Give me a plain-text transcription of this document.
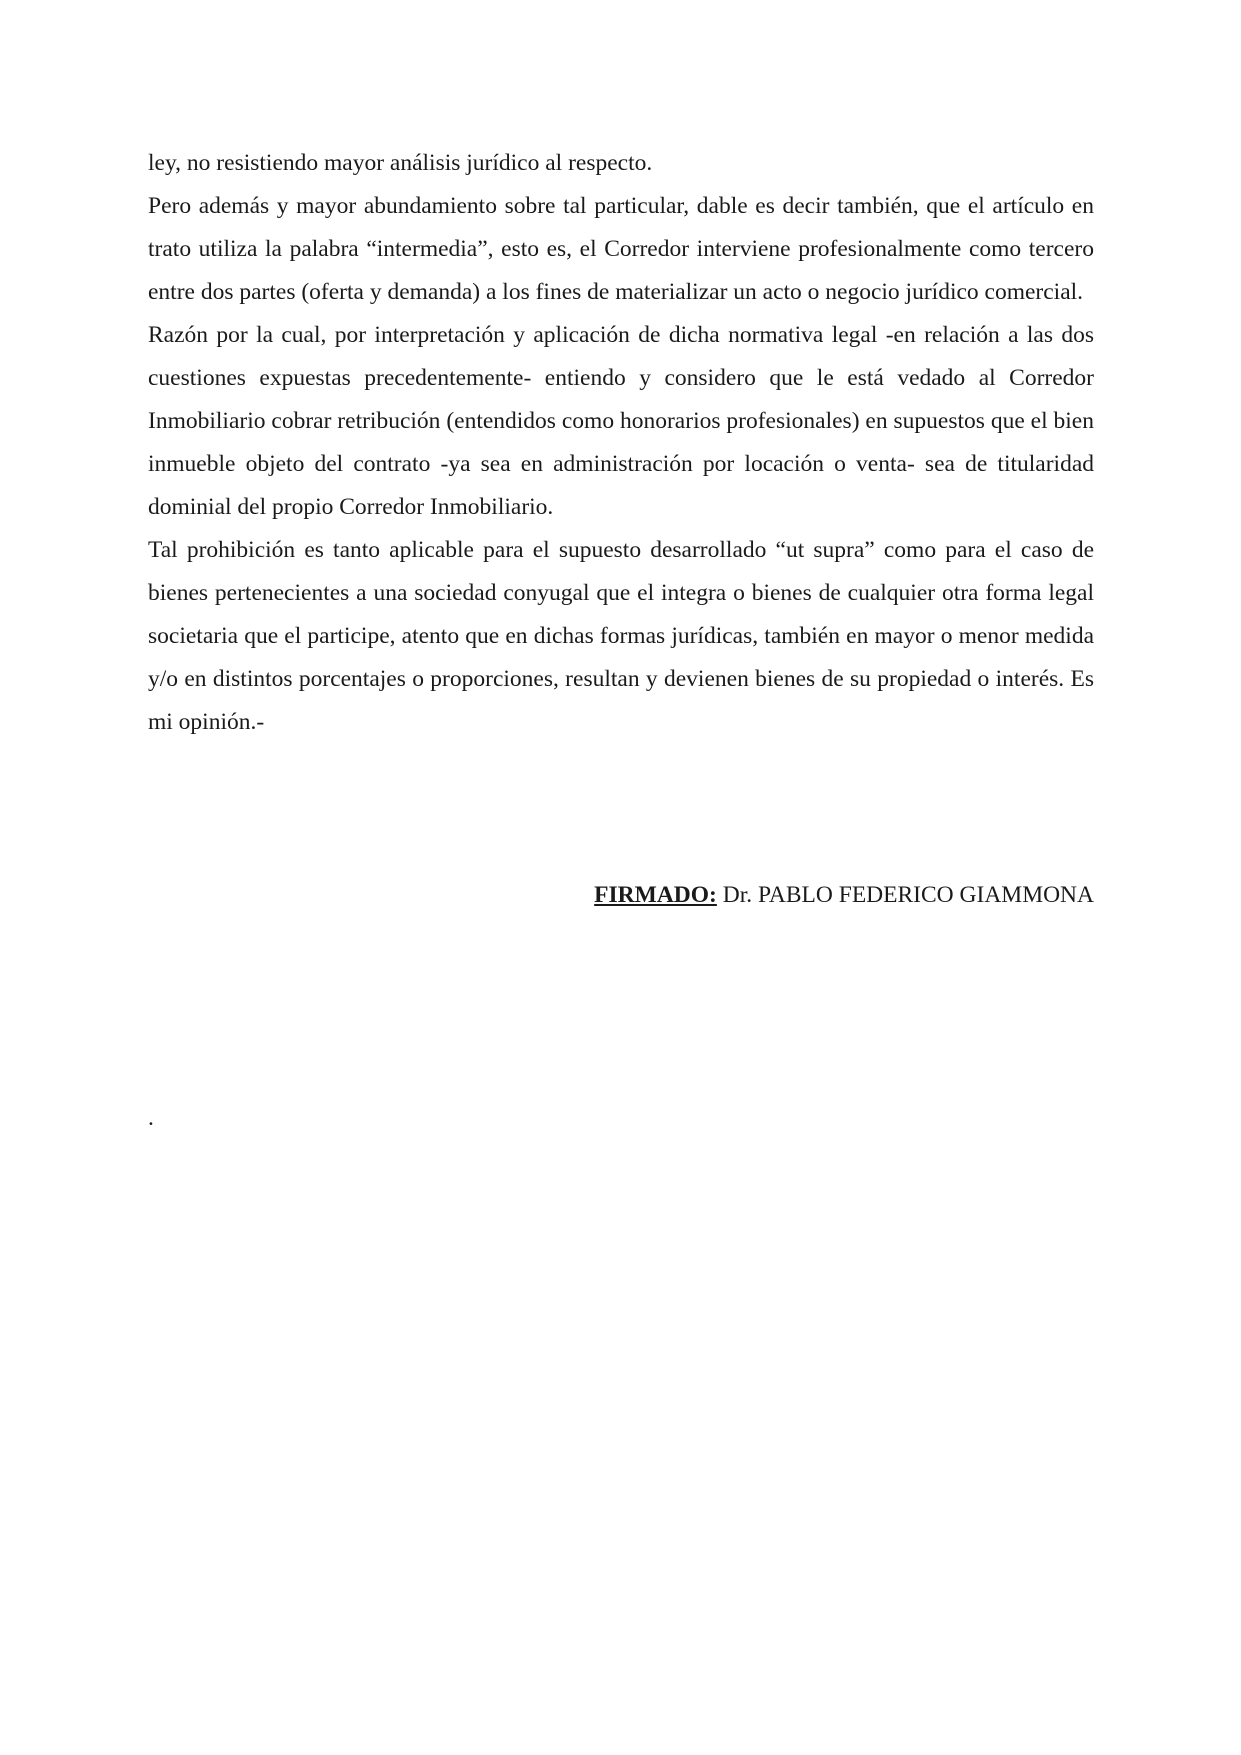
ley, no resistiendo mayor análisis jurídico al respecto.

Pero además y mayor abundamiento sobre tal particular, dable es decir también, que el artículo en trato utiliza la palabra “intermedia”, esto es, el Corredor interviene profesionalmente como tercero entre dos partes (oferta y demanda) a los fines de materializar un acto o negocio jurídico comercial.

Razón por la cual, por interpretación y aplicación de dicha normativa legal -en relación a las dos cuestiones expuestas precedentemente- entiendo y considero que le está vedado al Corredor Inmobiliario cobrar retribución (entendidos como honorarios profesionales) en supuestos que el bien inmueble objeto del contrato -ya sea en administración por locación o venta- sea de titularidad dominial del propio Corredor Inmobiliario.

Tal prohibición es tanto aplicable para el supuesto desarrollado “ut supra” como para el caso de bienes pertenecientes a una sociedad conyugal que el integra o bienes de cualquier otra forma legal societaria que el participe, atento que en dichas formas jurídicas, también en mayor o menor medida y/o en distintos porcentajes o proporciones, resultan y devienen bienes de su propiedad o interés. Es mi opinión.-

FIRMADO: Dr. PABLO FEDERICO GIAMMONA
.
